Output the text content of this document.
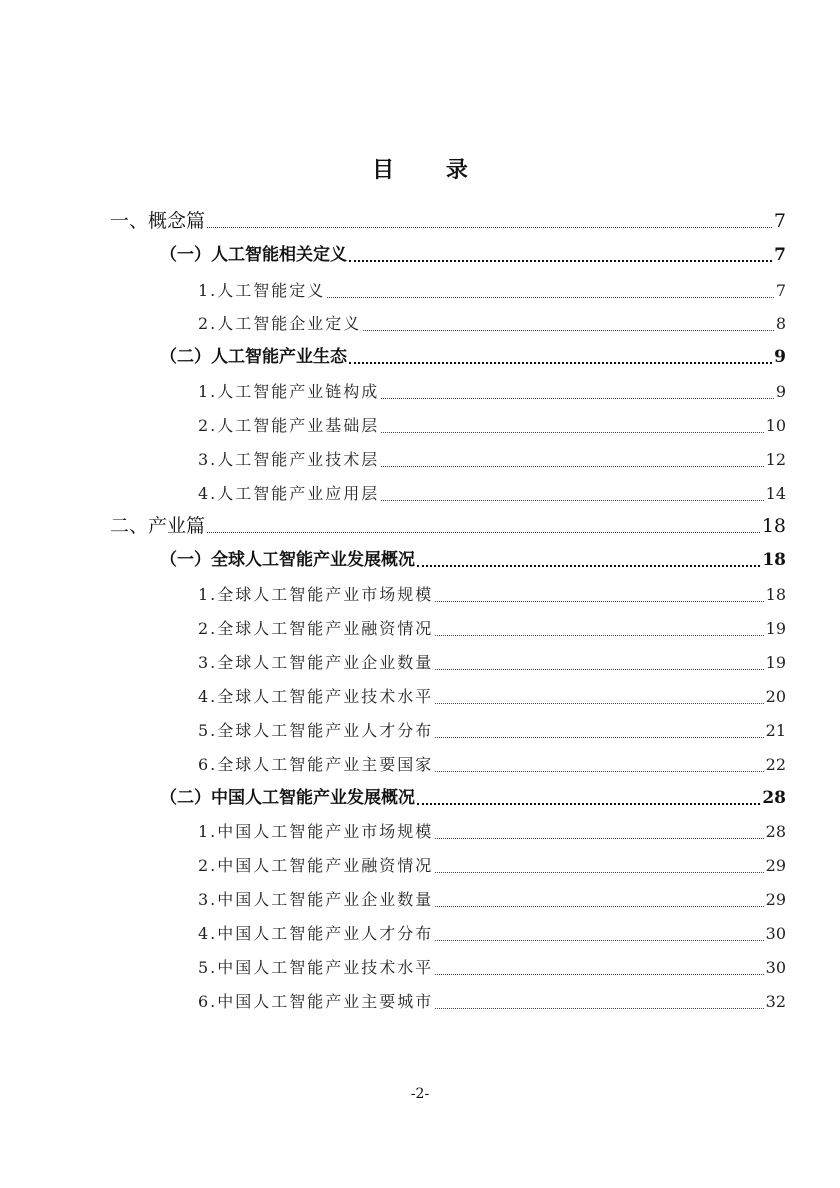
目 录
一、概念篇	7
（一）人工智能相关定义	7
1.人工智能定义	7
2.人工智能企业定义	8
（二）人工智能产业生态	9
1.人工智能产业链构成	9
2.人工智能产业基础层	10
3.人工智能产业技术层	12
4.人工智能产业应用层	14
二、产业篇	18
（一）全球人工智能产业发展概况	18
1.全球人工智能产业市场规模	18
2.全球人工智能产业融资情况	19
3.全球人工智能产业企业数量	19
4.全球人工智能产业技术水平	20
5.全球人工智能产业人才分布	21
6.全球人工智能产业主要国家	22
（二）中国人工智能产业发展概况	28
1.中国人工智能产业市场规模	28
2.中国人工智能产业融资情况	29
3.中国人工智能产业企业数量	29
4.中国人工智能产业人才分布	30
5.中国人工智能产业技术水平	30
6.中国人工智能产业主要城市	32
-2-
